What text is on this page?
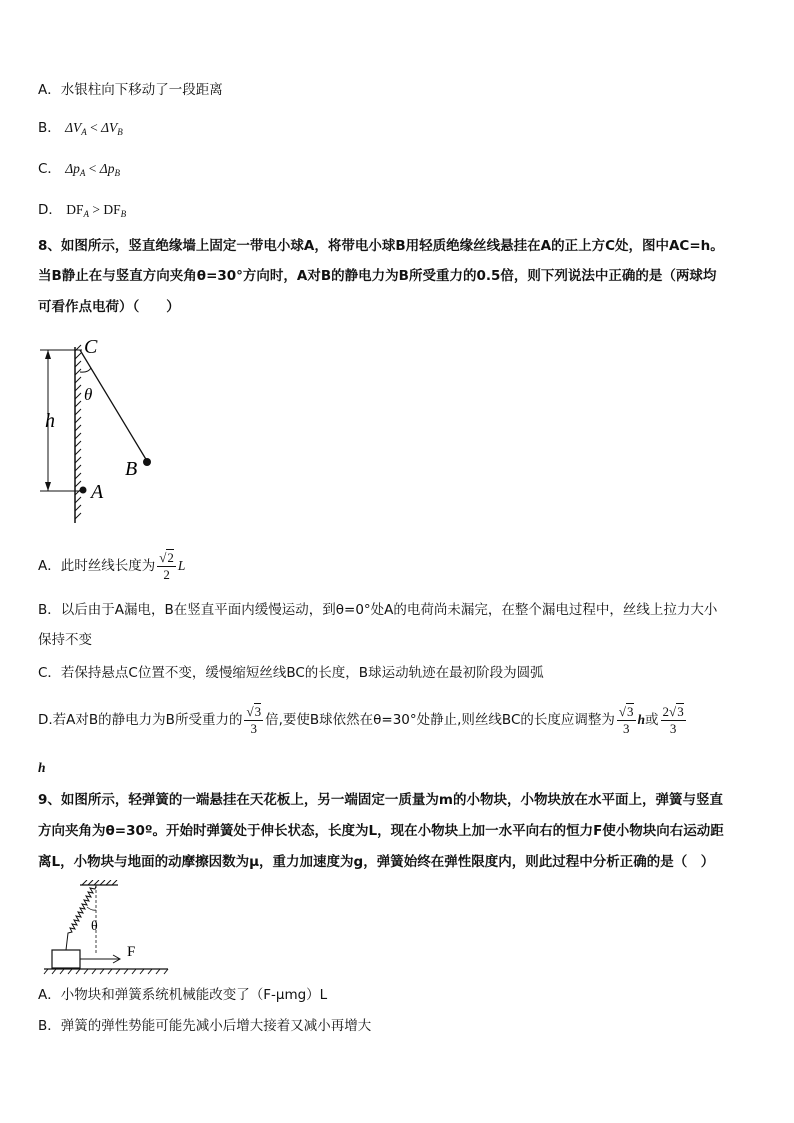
A．水银柱向下移动了一段距离
B． $\Delta V_A < \Delta V_B$
C． $\Delta p_A < \Delta p_B$
D． $DF_A > DF_B$
8、如图所示，竖直绝缘墙上固定一带电小球A，将带电小球B用轻质绝缘丝线悬挂在A的正上方C处，图中AC=h。
当B静止在与竖直方向夹角θ=30°方向时，A对B的静电力为B所受重力的0.5倍，则下列说法中正确的是（两球均
可看作点电荷）（　　）
h
C
θ
B
A
A．此时丝线长度为 $\frac{√2}{2}$ L
B．以后由于A漏电，B在竖直平面内缓慢运动，到θ=0°处A的电荷尚未漏完，在整个漏电过程中，丝线上拉力大小
保持不变
C．若保持悬点C位置不变，缓慢缩短丝线BC的长度，B球运动轨迹在最初阶段为圆弧
D.若A对B的静电力为B所受重力的 $\frac{√3}{3}$ 倍,要使B球依然在θ=30°处静止,则丝线BC的长度应调整为 $\frac{√3}{3}$ h或 $\frac{2√3}{3}$
h
9、如图所示，轻弹簧的一端悬挂在天花板上，另一端固定一质量为m的小物块，小物块放在水平面上，弹簧与竖直
方向夹角为θ=30º。开始时弹簧处于伸长状态，长度为L，现在小物块上加一水平向右的恒力F使小物块向右运动距
离L，小物块与地面的动摩擦因数为μ，重力加速度为g，弹簧始终在弹性限度内，则此过程中分析正确的是（　）
θ
F
A．小物块和弹簧系统机械能改变了（F-μmg）L
B．弹簧的弹性势能可能先减小后增大接着又减小再增大
